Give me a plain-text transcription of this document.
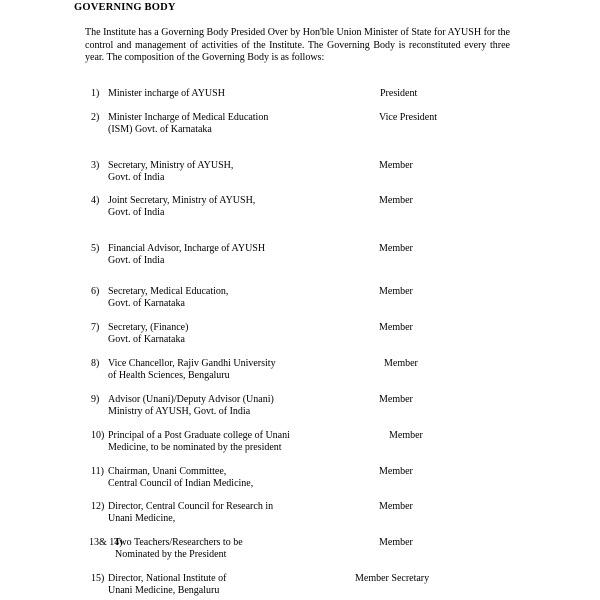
GOVERNING BODY
The Institute has a Governing Body Presided Over by Hon'ble Union Minister of State for AYUSH for the control and management of activities of the Institute. The Governing Body is reconstituted every three year. The composition of the Governing Body is as follows:
1) Minister incharge of AYUSH	President
2) Minister Incharge of Medical Education
(ISM) Govt. of Karnataka
Vice President
3) Secretary, Ministry of AYUSH,
Govt. of India
Member
4) Joint Secretary, Ministry of AYUSH,
Govt. of India
Member
5) Financial Advisor, Incharge of AYUSH
Govt. of India
Member
6) Secretary, Medical Education,
Govt. of Karnataka
Member
7) Secretary, (Finance)
Govt. of Karnataka
Member
8) Vice Chancellor, Rajiv Gandhi University
of Health Sciences, Bengaluru
Member
9) Advisor (Unani)/Deputy Advisor (Unani)
Ministry of AYUSH, Govt. of India
Member
10) Principal of a Post Graduate college of Unani
Medicine, to be nominated by the president
Member
11) Chairman, Unani Committee,
Central Council of Indian Medicine,
Member
12) Director, Central Council for Research in
Unani Medicine,
Member
13& 14)
Two Teachers/Researchers to be
Nominated by the President
Member
15) Director, National Institute of
Unani Medicine, Bengaluru
Member Secretary
